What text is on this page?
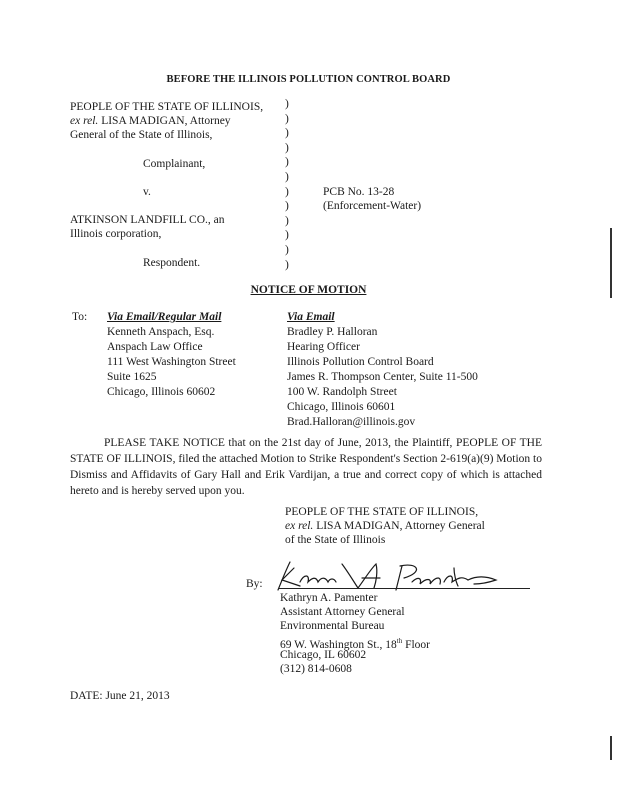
BEFORE THE ILLINOIS POLLUTION CONTROL BOARD
PEOPLE OF THE STATE OF ILLINOIS,
ex rel. LISA MADIGAN, Attorney
General of the State of Illinois,
Complainant,
v.	PCB No. 13-28
(Enforcement-Water)
ATKINSON LANDFILL CO., an
Illinois corporation,
Respondent.
)
)
)
)
)
)
)
)
)
)
)
)
NOTICE OF MOTION
To: Via Email/Regular Mail
Kenneth Anspach, Esq.
Anspach Law Office
111 West Washington Street
Suite 1625
Chicago, Illinois 60602
Via Email
Bradley P. Halloran
Hearing Officer
Illinois Pollution Control Board
James R. Thompson Center, Suite 11-500
100 W. Randolph Street
Chicago, Illinois 60601
Brad.Halloran@illinois.gov
PLEASE TAKE NOTICE that on the 21st day of June, 2013, the Plaintiff, PEOPLE OF THE STATE OF ILLINOIS, filed the attached Motion to Strike Respondent's Section 2-619(a)(9) Motion to Dismiss and Affidavits of Gary Hall and Erik Vardijan, a true and correct copy of which is attached hereto and is hereby served upon you.
PEOPLE OF THE STATE OF ILLINOIS,
ex rel. LISA MADIGAN, Attorney General
of the State of Illinois
By:
Kathryn A. Pamenter
Assistant Attorney General
Environmental Bureau
69 W. Washington St., 18th Floor
Chicago, IL 60602
(312) 814-0608
DATE: June 21, 2013
